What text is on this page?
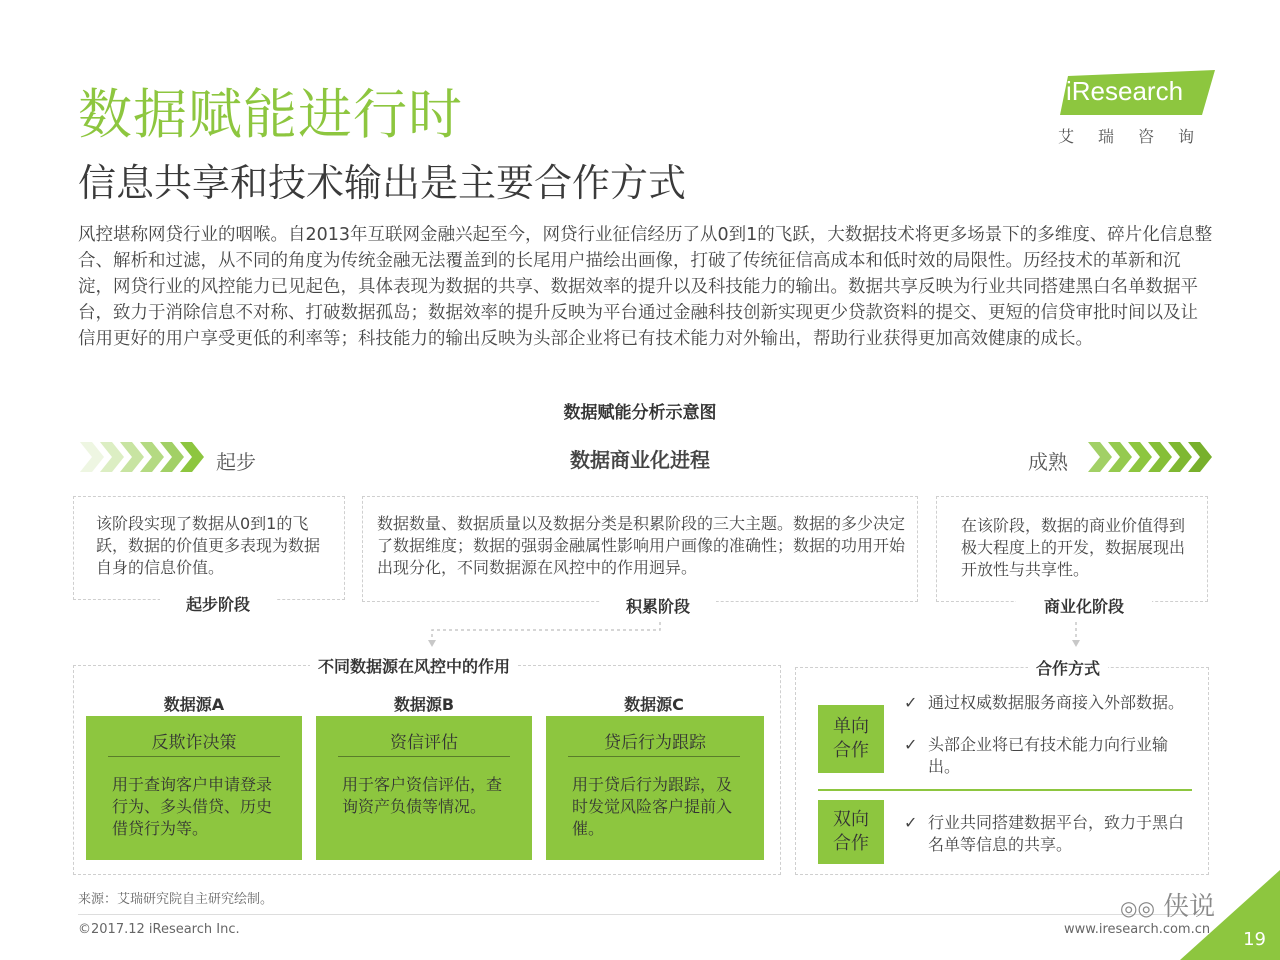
数据赋能进行时
信息共享和技术输出是主要合作方式
iResearch
艾瑞咨询
风控堪称网贷行业的咽喉。自2013年互联网金融兴起至今，网贷行业征信经历了从0到1的飞跃，大数据技术将更多场景下的多维度、碎片化信息整合、解析和过滤，从不同的角度为传统金融无法覆盖到的长尾用户描绘出画像，打破了传统征信高成本和低时效的局限性。历经技术的革新和沉淀，网贷行业的风控能力已见起色，具体表现为数据的共享、数据效率的提升以及科技能力的输出。数据共享反映为行业共同搭建黑白名单数据平台，致力于消除信息不对称、打破数据孤岛；数据效率的提升反映为平台通过金融科技创新实现更少贷款资料的提交、更短的信贷审批时间以及让信用更好的用户享受更低的利率等；科技能力的输出反映为头部企业将已有技术能力对外输出，帮助行业获得更加高效健康的成长。
数据赋能分析示意图
起步	数据商业化进程	成熟
该阶段实现了数据从0到1的飞跃，数据的价值更多表现为数据自身的信息价值。
起步阶段
数据数量、数据质量以及数据分类是积累阶段的三大主题。数据的多少决定了数据维度；数据的强弱金融属性影响用户画像的准确性；数据的功用开始出现分化，不同数据源在风控中的作用迥异。
积累阶段
在该阶段，数据的商业价值得到极大程度上的开发，数据展现出开放性与共享性。
商业化阶段
不同数据源在风控中的作用
数据源A
反欺诈决策
用于查询客户申请登录行为、多头借贷、历史借贷行为等。
数据源B
资信评估
用于客户资信评估，查询资产负债等情况。
数据源C
贷后行为跟踪
用于贷后行为跟踪，及时发觉风险客户提前入催。
合作方式
单向合作
✓ 通过权威数据服务商接入外部数据。
✓ 头部企业将已有技术能力向行业输出。
双向合作
✓ 行业共同搭建数据平台，致力于黑白名单等信息的共享。
来源：艾瑞研究院自主研究绘制。
©2017.12 iResearch Inc.	www.iresearch.com.cn
◎◎ 侠说
19
